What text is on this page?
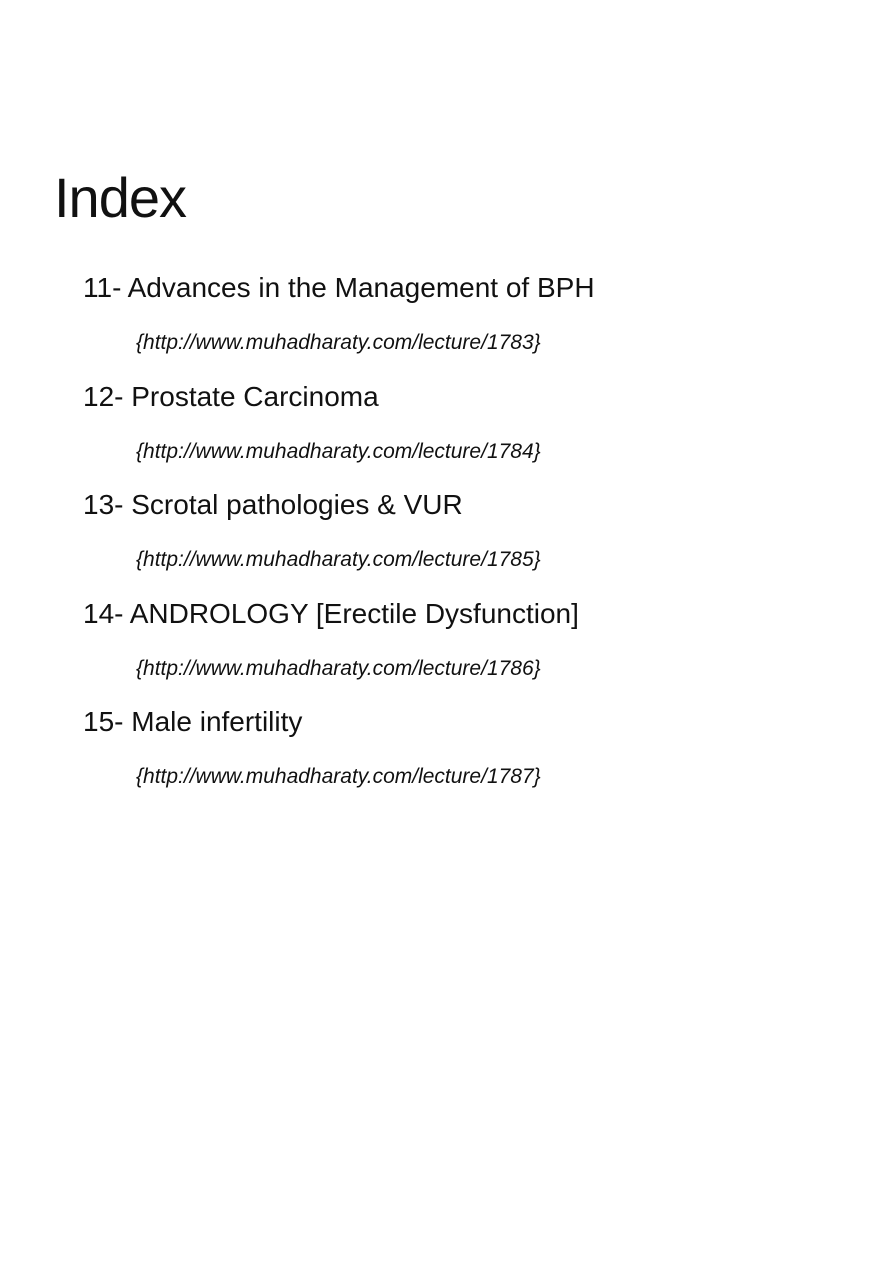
Index
11- Advances in the Management of BPH
{http://www.muhadharaty.com/lecture/1783}
12- Prostate Carcinoma
{http://www.muhadharaty.com/lecture/1784}
13- Scrotal pathologies & VUR
{http://www.muhadharaty.com/lecture/1785}
14- ANDROLOGY [Erectile Dysfunction]
{http://www.muhadharaty.com/lecture/1786}
15- Male infertility
{http://www.muhadharaty.com/lecture/1787}
